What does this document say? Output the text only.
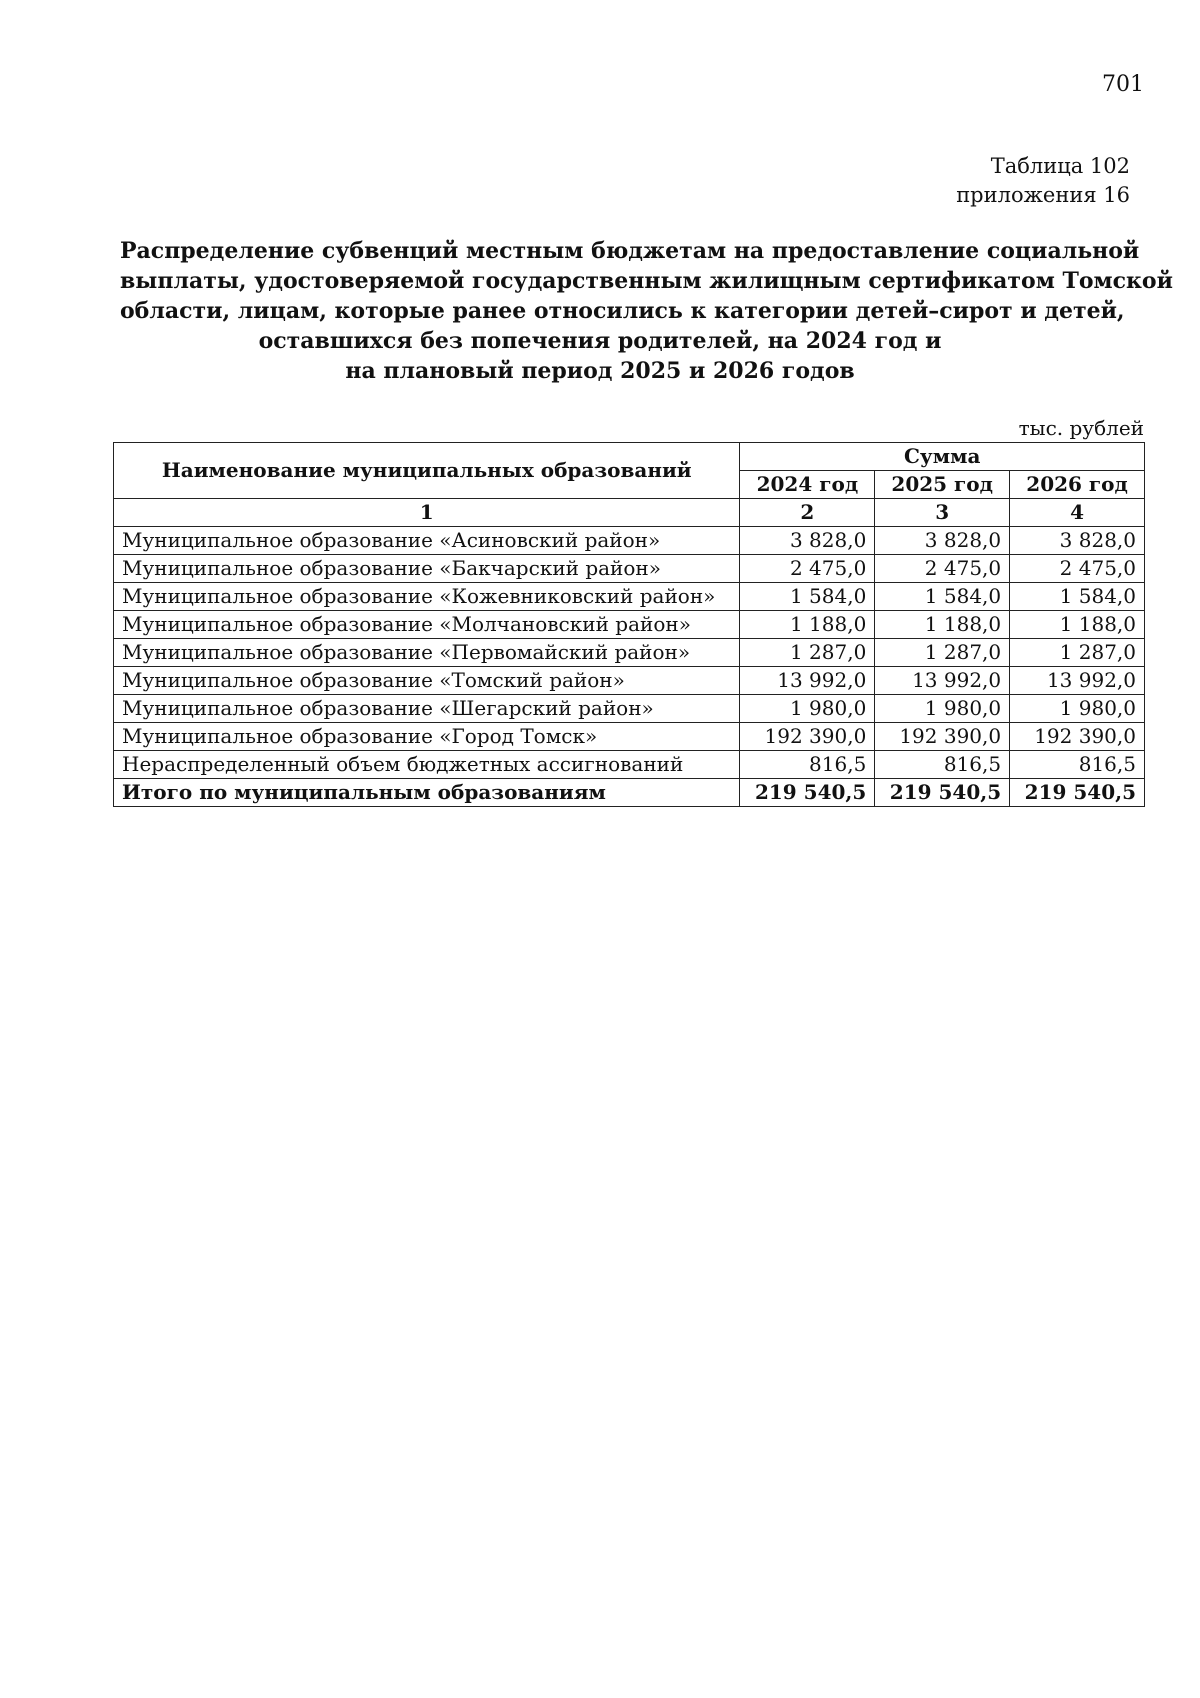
701
Таблица 102
приложения 16
Распределение субвенций местным бюджетам на предоставление социальной
выплаты, удостоверяемой государственным жилищным сертификатом Томской
области, лицам, которые ранее относились к категории детей–сирот и детей,
оставшихся без попечения родителей, на 2024 год и
на плановый период 2025 и 2026 годов
тыс. рублей
Наименование муниципальных образований	Сумма		
	2024 год	2025 год	2026 год
1	2	3	4
Муниципальное образование «Асиновский район»	3 828,0	3 828,0	3 828,0
Муниципальное образование «Бакчарский район»	2 475,0	2 475,0	2 475,0
Муниципальное образование «Кожевниковский район»	1 584,0	1 584,0	1 584,0
Муниципальное образование «Молчановский район»	1 188,0	1 188,0	1 188,0
Муниципальное образование «Первомайский район»	1 287,0	1 287,0	1 287,0
Муниципальное образование «Томский район»	13 992,0	13 992,0	13 992,0
Муниципальное образование «Шегарский район»	1 980,0	1 980,0	1 980,0
Муниципальное образование «Город Томск»	192 390,0	192 390,0	192 390,0
Нераспределенный объем бюджетных ассигнований	816,5	816,5	816,5
Итого по муниципальным образованиям	219 540,5	219 540,5	219 540,5
